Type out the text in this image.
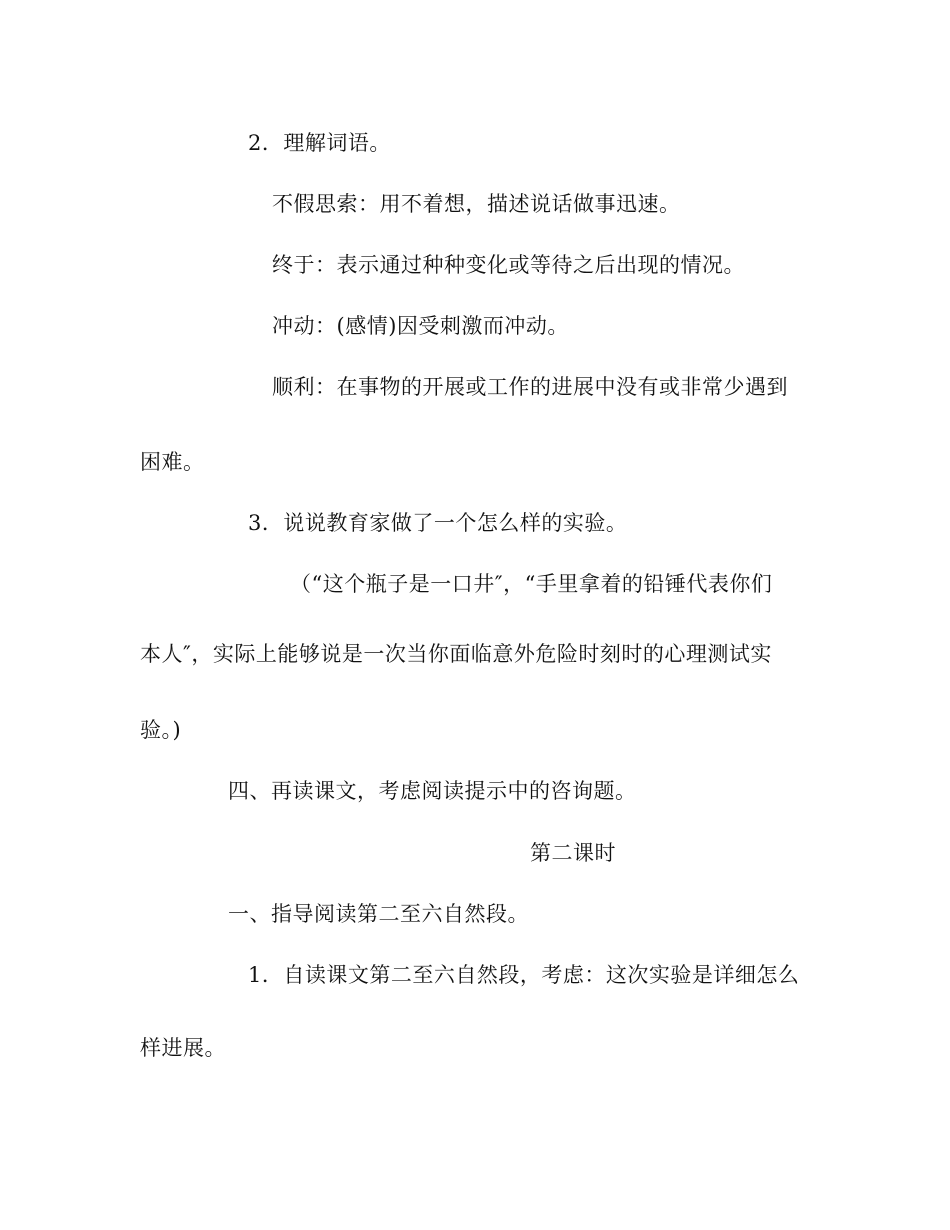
2．理解词语。
不假思索：用不着想，描述说话做事迅速。
终于：表示通过种种变化或等待之后出现的情况。
冲动：(感情)因受刺激而冲动。
顺利：在事物的开展或工作的进展中没有或非常少遇到
困难。
3．说说教育家做了一个怎么样的实验。
（“这个瓶子是一口井″，“手里拿着的铅锤代表你们
本人″，实际上能够说是一次当你面临意外危险时刻时的心理测试实
验。)
四、再读课文，考虑阅读提示中的咨询题。
第二课时
一、指导阅读第二至六自然段。
1．自读课文第二至六自然段，考虑：这次实验是详细怎么
样进展。
